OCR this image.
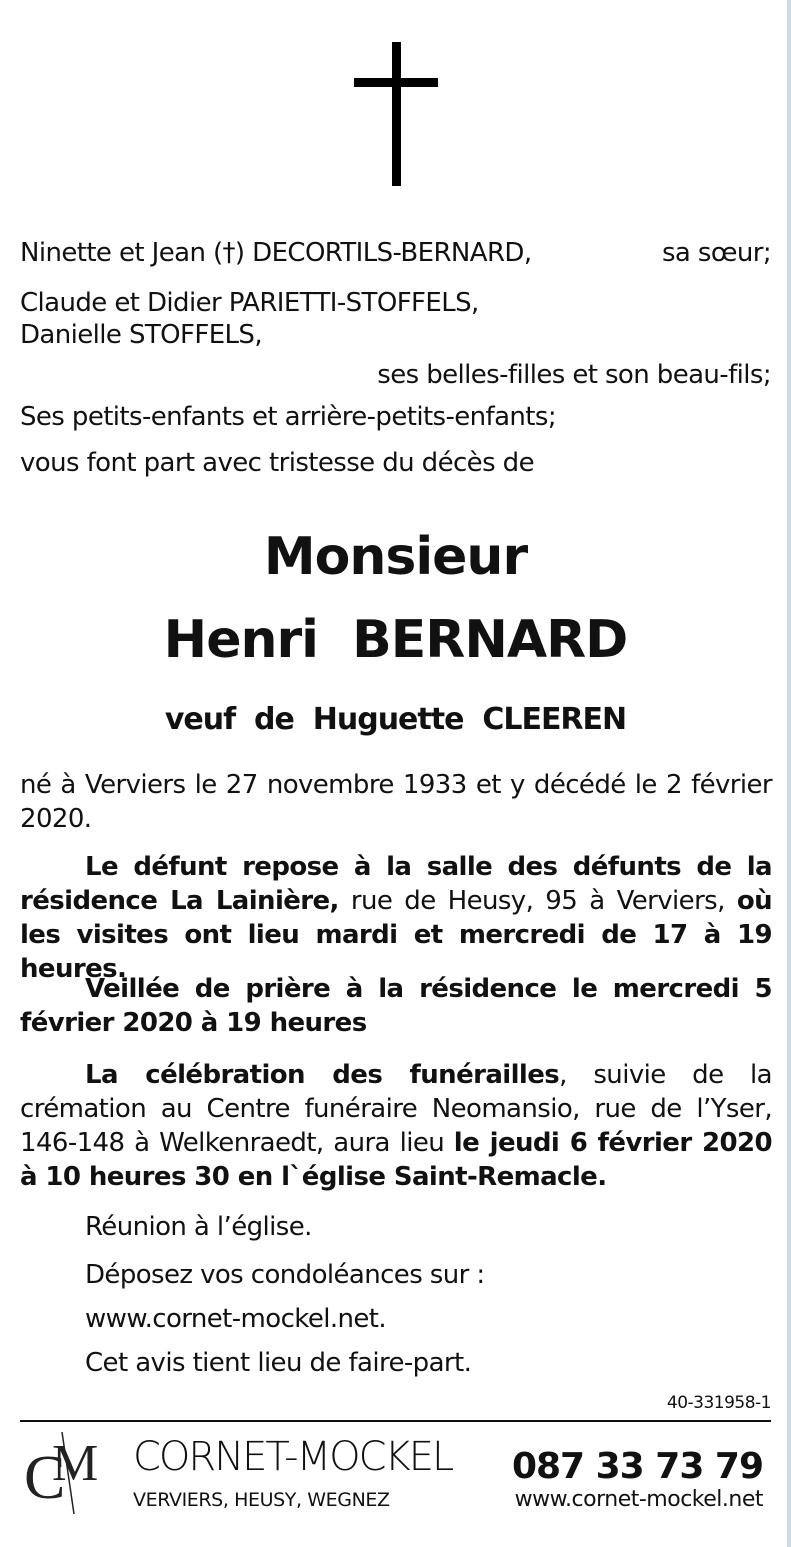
Ninette et Jean (†) DECORTILS-BERNARD,	sa sœur;
Claude et Didier PARIETTI-STOFFELS,
Danielle STOFFELS,
ses belles-filles et son beau-fils;
Ses petits-enfants et arrière-petits-enfants;
vous font part avec tristesse du décès de
Monsieur
Henri  BERNARD
veuf  de  Huguette  CLEEREN
né à Verviers le 27 novembre 1933 et y décédé le 2 février 2020.
Le défunt repose à la salle des défunts de la résidence La Lainière, rue de Heusy, 95 à Verviers, où les visites ont lieu mardi et mercredi de 17 à 19 heures.
Veillée de prière à la résidence le mercredi 5 février 2020 à 19 heures
La célébration des funérailles, suivie de la crémation au Centre funéraire Neomansio, rue de l’Yser, 146-148 à Welkenraedt, aura lieu le jeudi 6 février 2020 à 10 heures 30 en l`église Saint-Remacle.
Réunion à l’église.
Déposez vos condoléances sur :
www.cornet-mockel.net.
Cet avis tient lieu de faire-part.
40-331958-1
C
M CORNET-MOCKEL 087 33 73 79
VERVIERS, HEUSY, WEGNEZ	www.cornet-mockel.net
